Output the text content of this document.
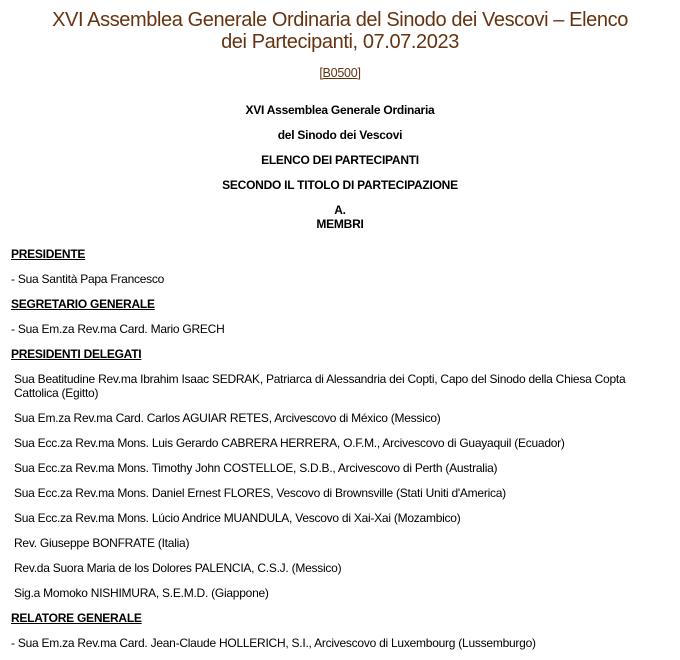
XVI Assemblea Generale Ordinaria del Sinodo dei Vescovi – Elenco dei Partecipanti, 07.07.2023
[B0500]
XVI Assemblea Generale Ordinaria
del Sinodo dei Vescovi
ELENCO DEI PARTECIPANTI
SECONDO IL TITOLO DI PARTECIPAZIONE
A.
MEMBRI
PRESIDENTE
- Sua Santità Papa Francesco
SEGRETARIO GENERALE
- Sua Em.za Rev.ma Card. Mario GRECH
PRESIDENTI DELEGATI
Sua Beatitudine Rev.ma Ibrahim Isaac SEDRAK, Patriarca di Alessandria dei Copti, Capo del Sinodo della Chiesa Copta Cattolica (Egitto)
Sua Em.za Rev.ma Card. Carlos AGUIAR RETES, Arcivescovo di México (Messico)
Sua Ecc.za Rev.ma Mons. Luis Gerardo CABRERA HERRERA, O.F.M., Arcivescovo di Guayaquil (Ecuador)
Sua Ecc.za Rev.ma Mons. Timothy John COSTELLOE, S.D.B., Arcivescovo di Perth (Australia)
Sua Ecc.za Rev.ma Mons. Daniel Ernest FLORES, Vescovo di Brownsville (Stati Uniti d'America)
Sua Ecc.za Rev.ma Mons. Lúcio Andrice MUANDULA, Vescovo di Xai-Xai (Mozambico)
Rev. Giuseppe BONFRATE (Italia)
Rev.da Suora Maria de los Dolores PALENCIA, C.S.J. (Messico)
Sig.a Momoko NISHIMURA, S.E.M.D. (Giappone)
RELATORE GENERALE
- Sua Em.za Rev.ma Card. Jean-Claude HOLLERICH, S.I., Arcivescovo di Luxembourg (Lussemburgo)
